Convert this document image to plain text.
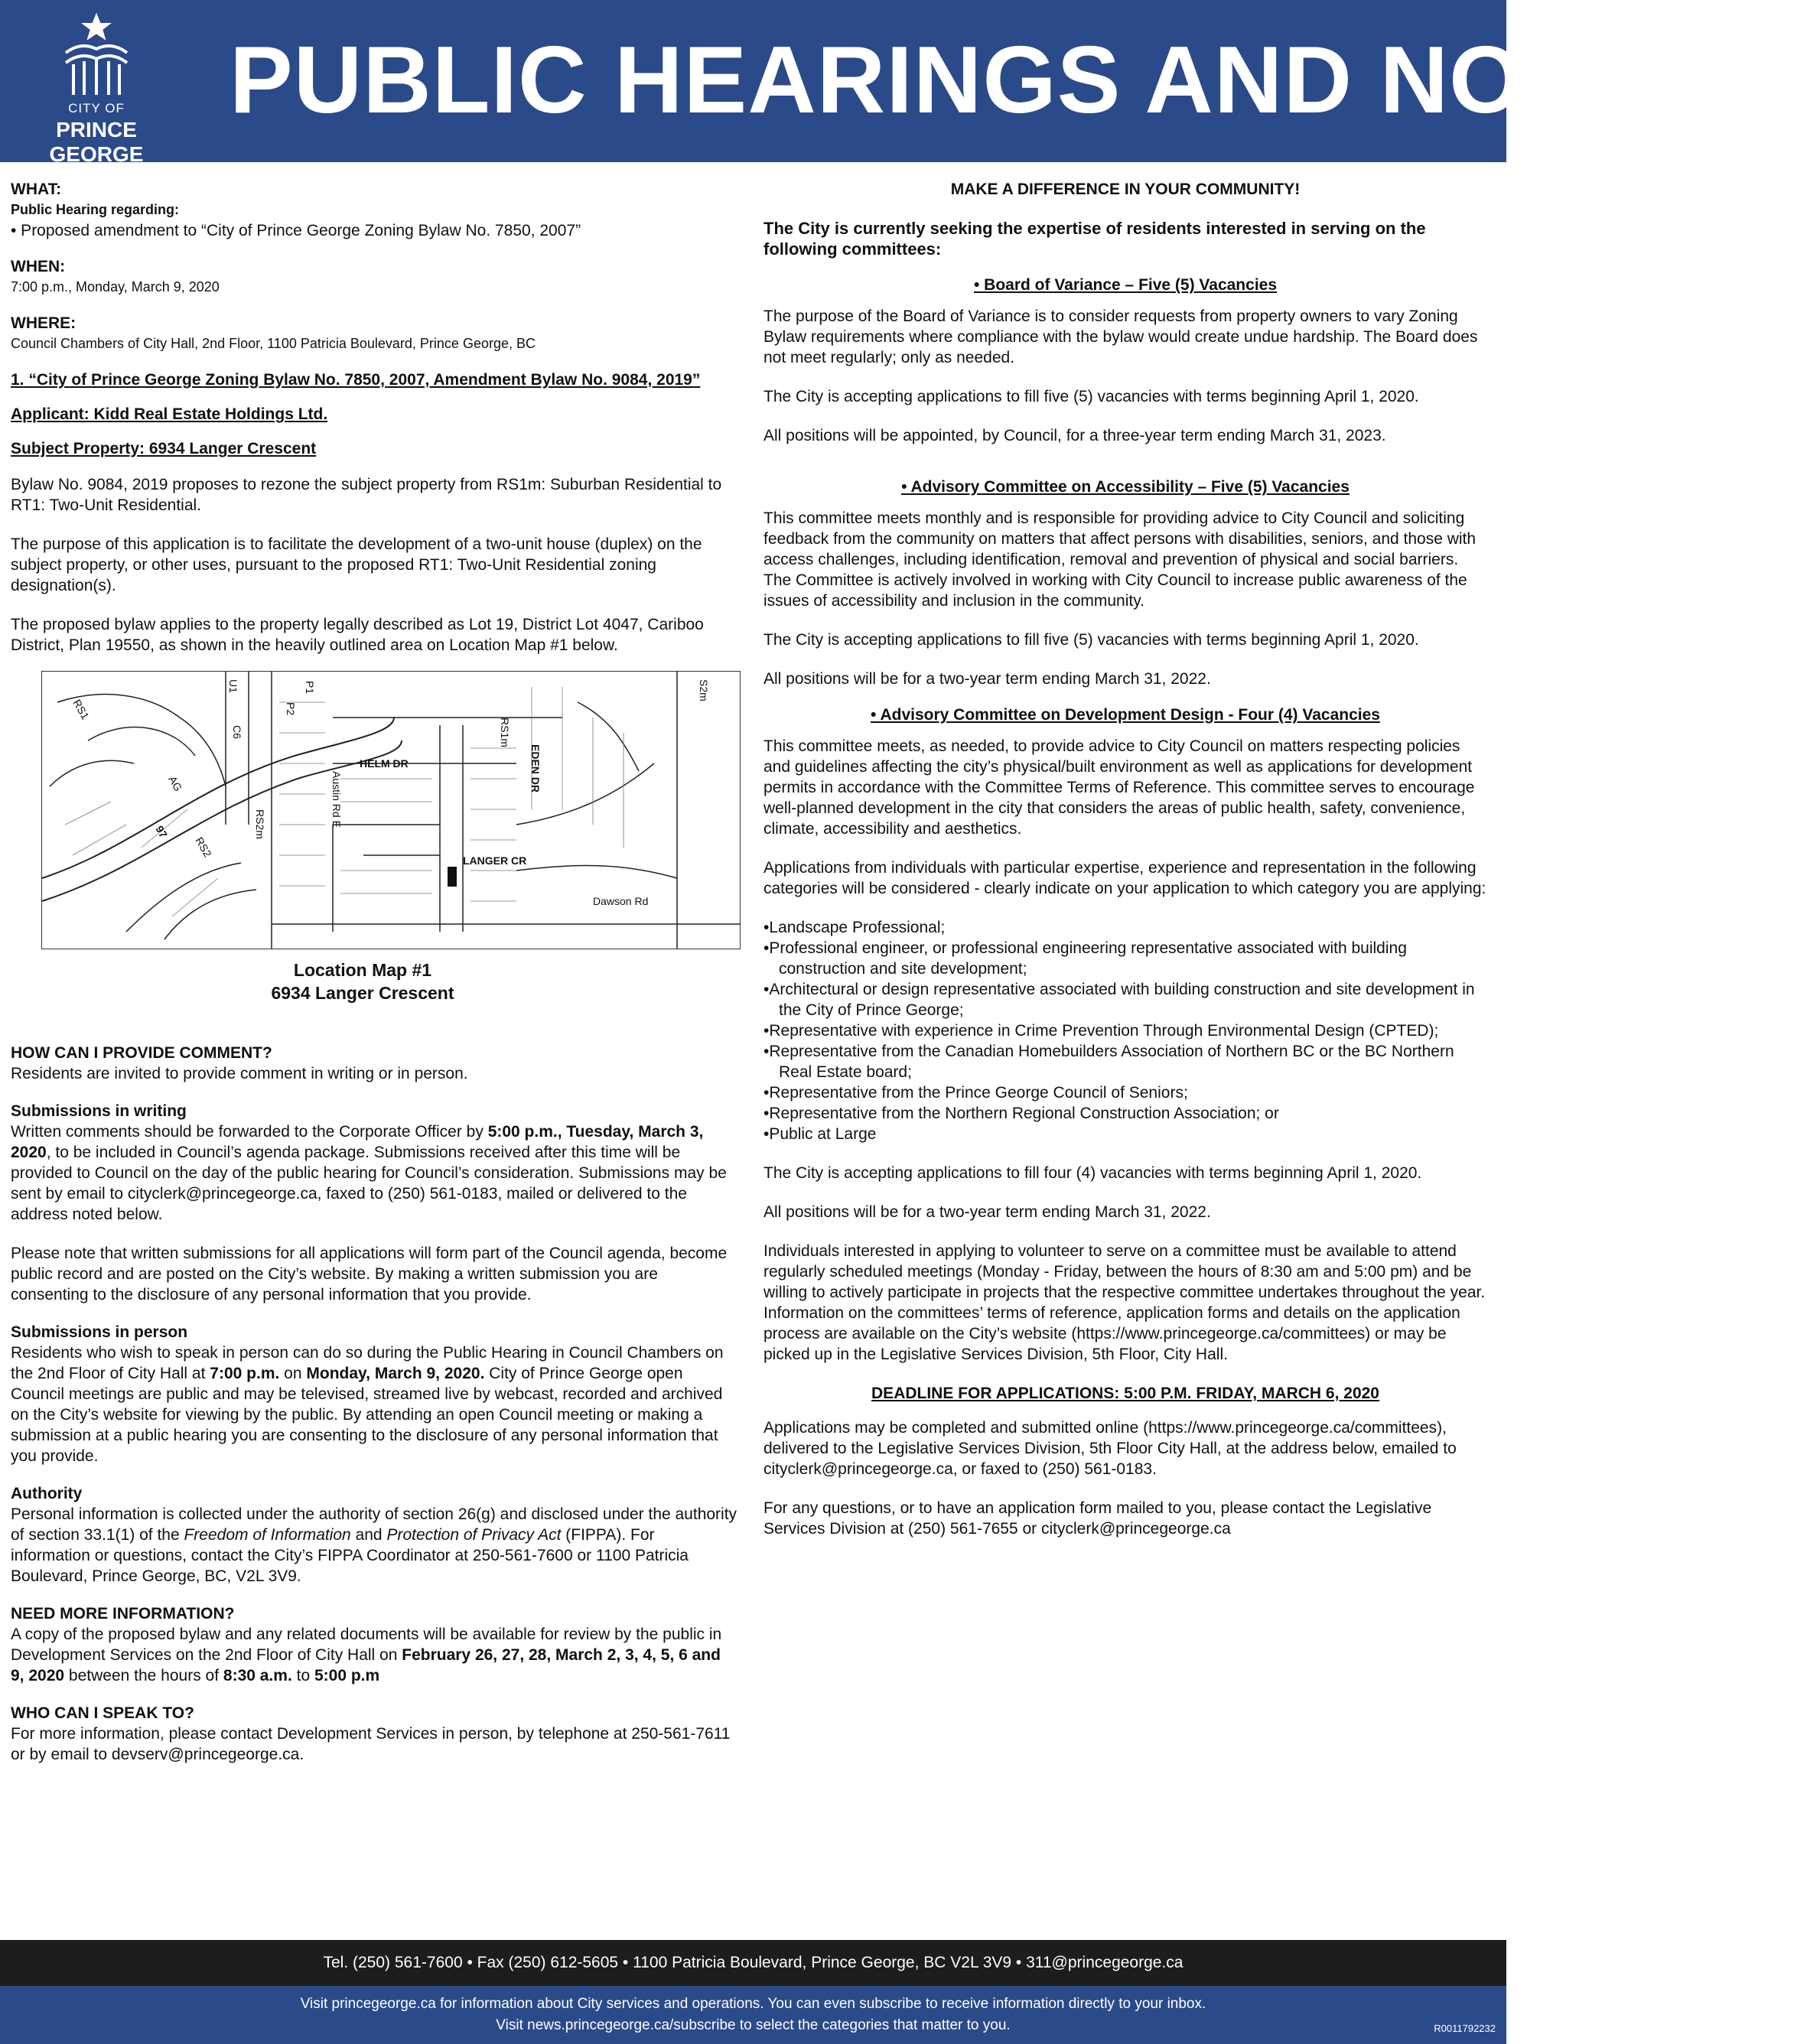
CITY OF
PRINCE GEORGE
PUBLIC HEARINGS AND NOTICES
WHAT:
Public Hearing regarding:
• Proposed amendment to “City of Prince George Zoning Bylaw No. 7850, 2007”
WHEN:
7:00 p.m., Monday, March 9, 2020
WHERE:
Council Chambers of City Hall, 2nd Floor, 1100 Patricia Boulevard, Prince George, BC
1. “City of Prince George Zoning Bylaw No. 7850, 2007, Amendment Bylaw No. 9084, 2019”
Applicant: Kidd Real Estate Holdings Ltd.
Subject Property: 6934 Langer Crescent

Bylaw No. 9084, 2019 proposes to rezone the subject property from RS1m: Suburban Residential to RT1: Two-Unit Residential.

The purpose of this application is to facilitate the development of a two-unit house (duplex) on the subject property, or other uses, pursuant to the proposed RT1: Two-Unit Residential zoning designation(s).

The proposed bylaw applies to the property legally described as Lot 19, District Lot 4047, Cariboo District, Plan 19550, as shown in the heavily outlined area on Location Map #1 below.

HELM DR	EDEN DR
LANGER CR
Austin Rd E
Dawson Rd
97
AG
C6
P1
P2
RS1
RS1m
RS2
RS2m
S2m
U1
Location Map #1
6934 Langer Crescent
HOW CAN I PROVIDE COMMENT?

Residents are invited to provide comment in writing or in person.

Submissions in writing

Written comments should be forwarded to the Corporate Officer by 5:00 p.m., Tuesday, March 3, 2020, to be included in Council’s agenda package. Submissions received after this time will be provided to Council on the day of the public hearing for Council’s consideration. Submissions may be sent by email to cityclerk@princegeorge.ca, faxed to (250) 561-0183, mailed or delivered to the address noted below.

Please note that written submissions for all applications will form part of the Council agenda, become public record and are posted on the City’s website. By making a written submission you are consenting to the disclosure of any personal information that you provide.

Submissions in person

Residents who wish to speak in person can do so during the Public Hearing in Council Chambers on the 2nd Floor of City Hall at 7:00 p.m. on Monday, March 9, 2020. City of Prince George open Council meetings are public and may be televised, streamed live by webcast, recorded and archived on the City’s website for viewing by the public. By attending an open Council meeting or making a submission at a public hearing you are consenting to the disclosure of any personal information that you provide.

Authority

Personal information is collected under the authority of section 26(g) and disclosed under the authority of section 33.1(1) of the Freedom of Information and Protection of Privacy Act (FIPPA). For information or questions, contact the City’s FIPPA Coordinator at 250-561-7600 or 1100 Patricia Boulevard, Prince George, BC, V2L 3V9.

NEED MORE INFORMATION?

A copy of the proposed bylaw and any related documents will be available for review by the public in Development Services on the 2nd Floor of City Hall on February 26, 27, 28, March 2, 3, 4, 5, 6 and 9, 2020 between the hours of 8:30 a.m. to 5:00 p.m

WHO CAN I SPEAK TO?

For more information, please contact Development Services in person, by telephone at 250-561-7611 or by email to devserv@princegeorge.ca.

MAKE A DIFFERENCE IN YOUR COMMUNITY!

The City is currently seeking the expertise of residents interested in serving on the following committees:

• Board of Variance – Five (5) Vacancies

The purpose of the Board of Variance is to consider requests from property owners to vary Zoning Bylaw requirements where compliance with the bylaw would create undue hardship. The Board does not meet regularly; only as needed.

The City is accepting applications to fill five (5) vacancies with terms beginning April 1, 2020.

All positions will be appointed, by Council, for a three-year term ending March 31, 2023.

• Advisory Committee on Accessibility – Five (5) Vacancies

This committee meets monthly and is responsible for providing advice to City Council and soliciting feedback from the community on matters that affect persons with disabilities, seniors, and those with access challenges, including identification, removal and prevention of physical and social barriers. The Committee is actively involved in working with City Council to increase public awareness of the issues of accessibility and inclusion in the community.

The City is accepting applications to fill five (5) vacancies with terms beginning April 1, 2020.

All positions will be for a two-year term ending March 31, 2022.

• Advisory Committee on Development Design - Four (4) Vacancies

This committee meets, as needed, to provide advice to City Council on matters respecting policies and guidelines affecting the city’s physical/built environment as well as applications for development permits in accordance with the Committee Terms of Reference. This committee serves to encourage well-planned development in the city that considers the areas of public health, safety, convenience, climate, accessibility and aesthetics.

Applications from individuals with particular expertise, experience and representation in the following categories will be considered - clearly indicate on your application to which category you are applying:

•Landscape Professional;
•Professional engineer, or professional engineering representative associated with building construction and site development;
•Architectural or design representative associated with building construction and site development in the City of Prince George;
•Representative with experience in Crime Prevention Through Environmental Design (CPTED);
•Representative from the Canadian Homebuilders Association of Northern BC or the BC Northern Real Estate board;
•Representative from the Prince George Council of Seniors;
•Representative from the Northern Regional Construction Association; or
•Public at Large

The City is accepting applications to fill four (4) vacancies with terms beginning April 1, 2020.

All positions will be for a two-year term ending March 31, 2022.

Individuals interested in applying to volunteer to serve on a committee must be available to attend regularly scheduled meetings (Monday - Friday, between the hours of 8:30 am and 5:00 pm) and be willing to actively participate in projects that the respective committee undertakes throughout the year. Information on the committees’ terms of reference, application forms and details on the application process are available on the City’s website (https://www.princegeorge.ca/committees) or may be picked up in the Legislative Services Division, 5th Floor, City Hall.

DEADLINE FOR APPLICATIONS: 5:00 P.M. FRIDAY, MARCH 6, 2020

Applications may be completed and submitted online (https://www.princegeorge.ca/committees), delivered to the Legislative Services Division, 5th Floor City Hall, at the address below, emailed to cityclerk@princegeorge.ca, or faxed to (250) 561-0183.

For any questions, or to have an application form mailed to you, please contact the Legislative Services Division at (250) 561-7655 or cityclerk@princegeorge.ca

Tel. (250) 561-7600 • Fax (250) 612-5605 • 1100 Patricia Boulevard, Prince George, BC V2L 3V9 • 311@princegeorge.ca
Visit princegeorge.ca for information about City services and operations. You can even subscribe to receive information directly to your inbox.
Visit news.princegeorge.ca/subscribe to select the categories that matter to you.	R0011792232
